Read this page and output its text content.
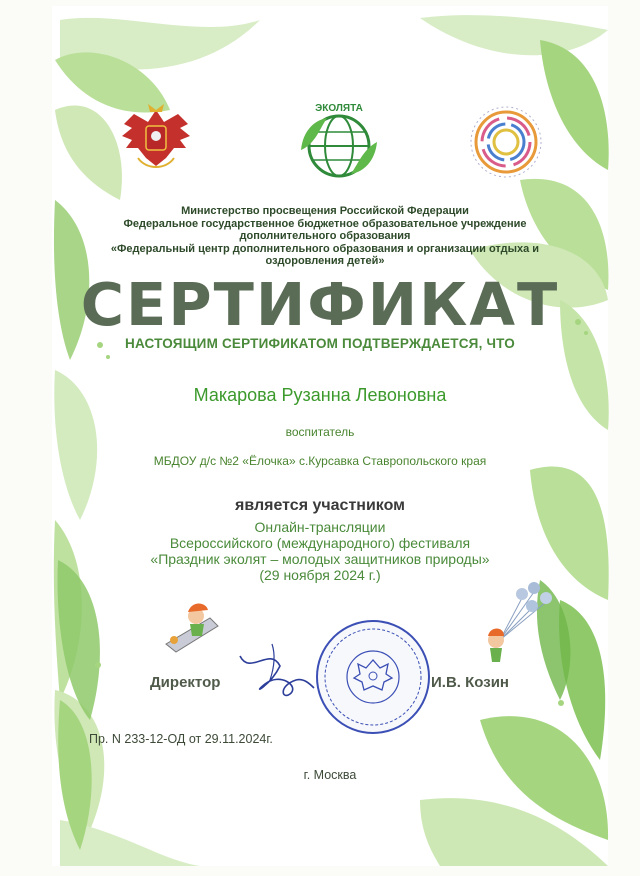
ЭКОЛЯТА
Министерство просвещения Российской Федерации
Федеральное государственное бюджетное образовательное учреждение
дополнительного образования
«Федеральный центр дополнительного образования и организации отдыха и
оздоровления детей»
СЕРТИФИКАТ
НАСТОЯЩИМ СЕРТИФИКАТОМ ПОДТВЕРЖДАЕТСЯ, ЧТО
Макарова Рузанна Левоновна
воспитатель
МБДОУ д/с №2 «Ёлочка» с.Курсавка Ставропольского края
является участником
Онлайн-трансляции
Всероссийского (международного) фестиваля
«Праздник эколят – молодых защитников природы»
(29 ноября 2024 г.)
Директор	И.В. Козин
Пр. N 233-12-ОД от 29.11.2024г.
г. Москва
